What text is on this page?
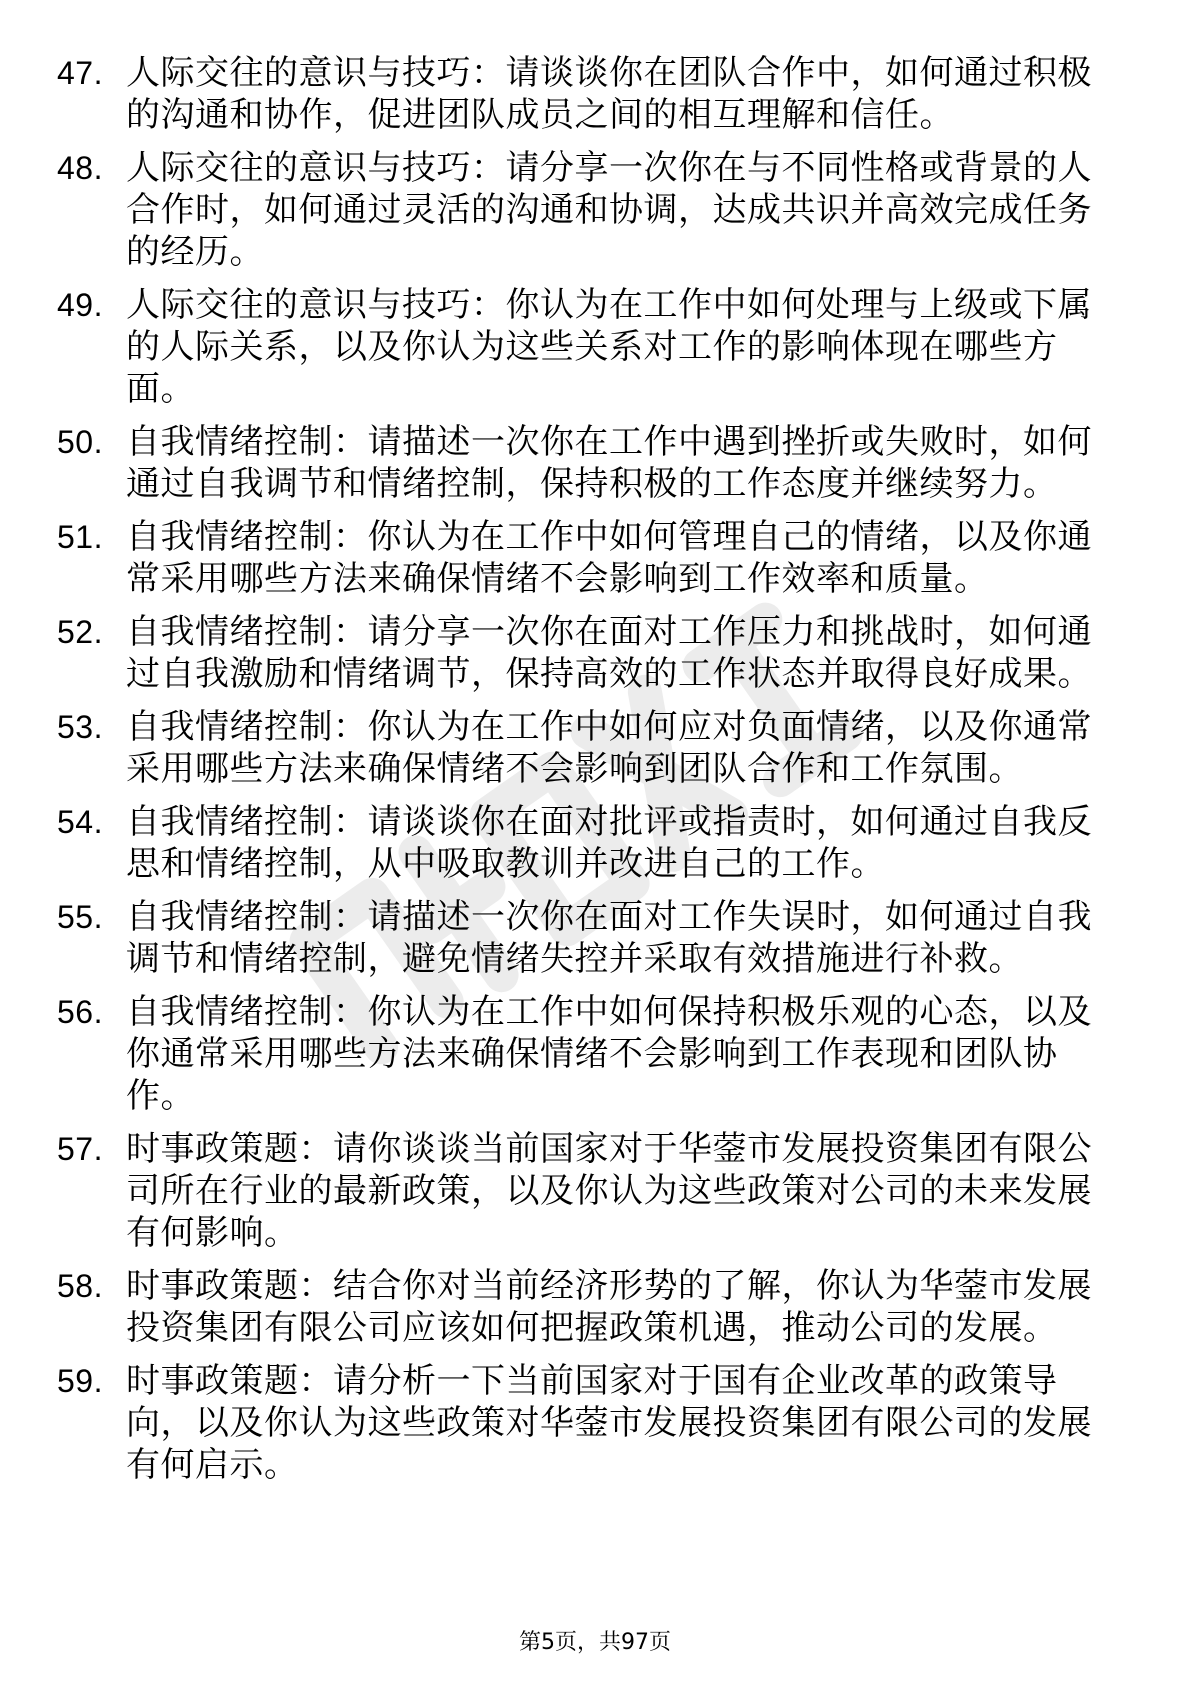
47. 人际交往的意识与技巧：请谈谈你在团队合作中，如何通过积极的沟通和协作，促进团队成员之间的相互理解和信任。
48. 人际交往的意识与技巧：请分享一次你在与不同性格或背景的人合作时，如何通过灵活的沟通和协调，达成共识并高效完成任务的经历。
49. 人际交往的意识与技巧：你认为在工作中如何处理与上级或下属的人际关系，以及你认为这些关系对工作的影响体现在哪些方面。
50. 自我情绪控制：请描述一次你在工作中遇到挫折或失败时，如何通过自我调节和情绪控制，保持积极的工作态度并继续努力。
51. 自我情绪控制：你认为在工作中如何管理自己的情绪，以及你通常采用哪些方法来确保情绪不会影响到工作效率和质量。
52. 自我情绪控制：请分享一次你在面对工作压力和挑战时，如何通过自我激励和情绪调节，保持高效的工作状态并取得良好成果。
53. 自我情绪控制：你认为在工作中如何应对负面情绪，以及你通常采用哪些方法来确保情绪不会影响到团队合作和工作氛围。
54. 自我情绪控制：请谈谈你在面对批评或指责时，如何通过自我反思和情绪控制，从中吸取教训并改进自己的工作。
55. 自我情绪控制：请描述一次你在面对工作失误时，如何通过自我调节和情绪控制，避免情绪失控并采取有效措施进行补救。
56. 自我情绪控制：你认为在工作中如何保持积极乐观的心态，以及你通常采用哪些方法来确保情绪不会影响到工作表现和团队协作。
57. 时事政策题：请你谈谈当前国家对于华蓥市发展投资集团有限公司所在行业的最新政策，以及你认为这些政策对公司的未来发展有何影响。
58. 时事政策题：结合你对当前经济形势的了解，你认为华蓥市发展投资集团有限公司应该如何把握政策机遇，推动公司的发展。
59. 时事政策题：请分析一下当前国家对于国有企业改革的政策导向，以及你认为这些政策对华蓥市发展投资集团有限公司的发展有何启示。
第5页，共97页
